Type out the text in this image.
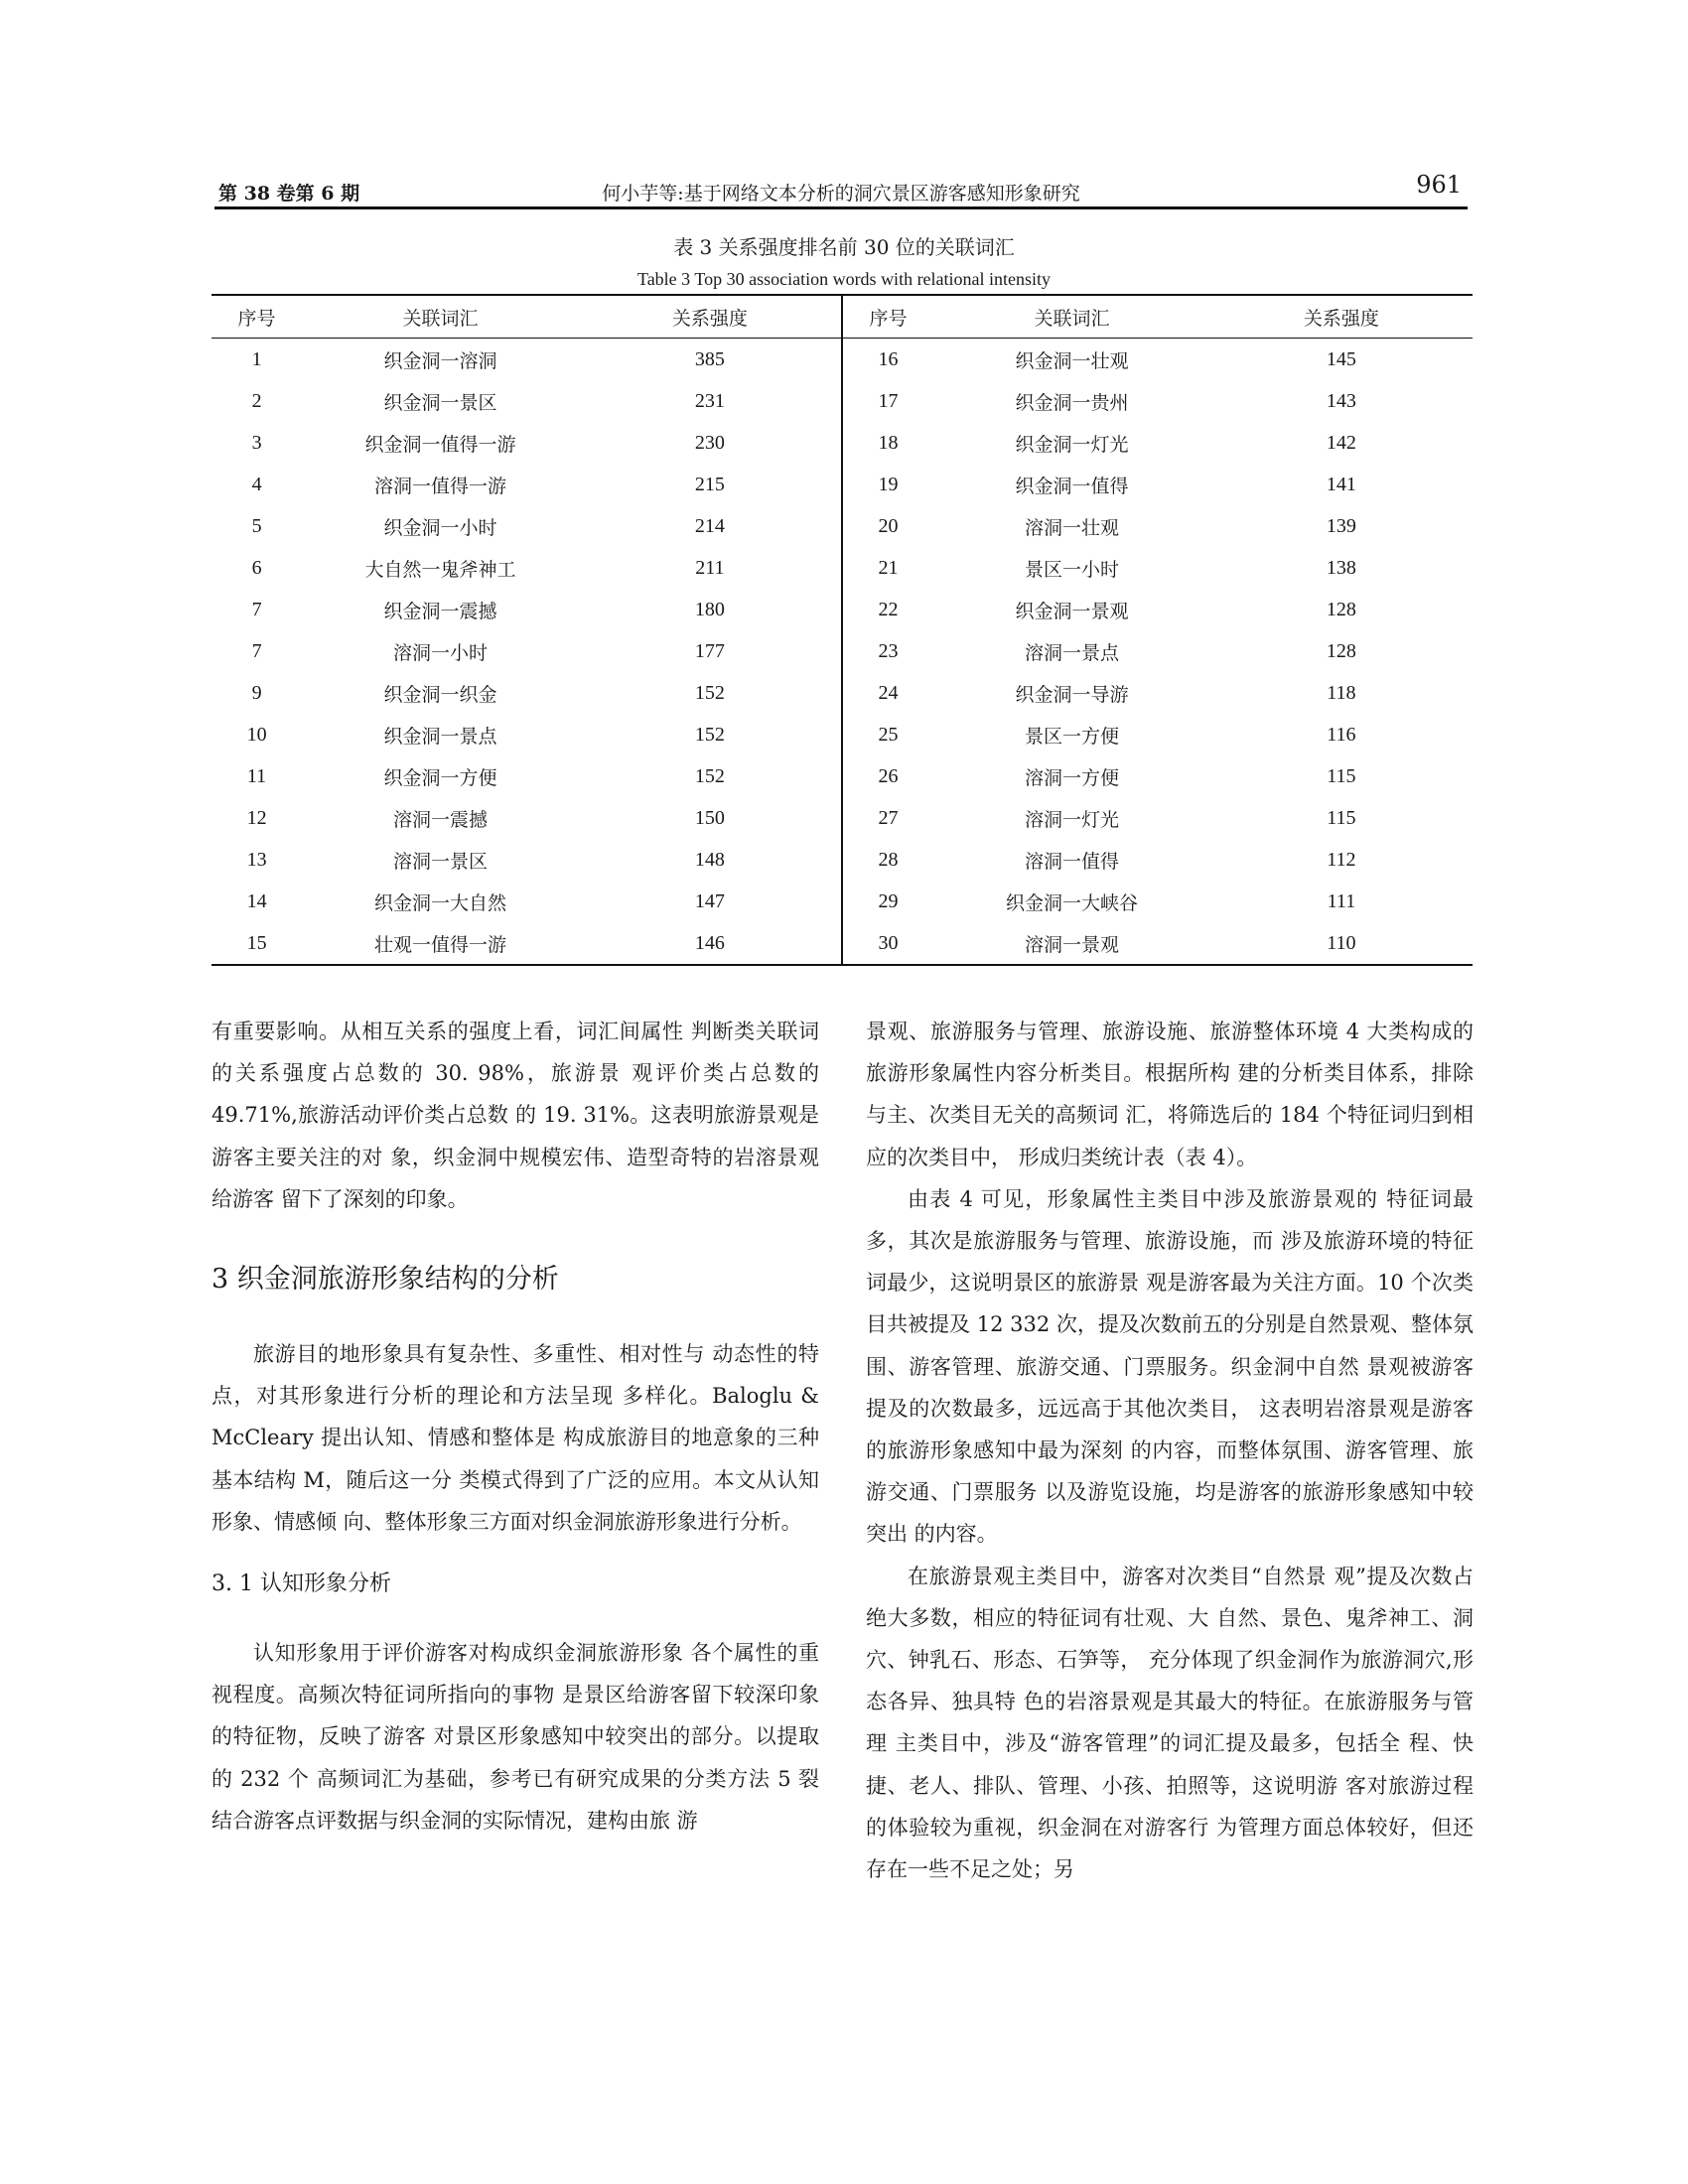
第 38 卷第 6 期	何小芋等:基于网络文本分析的洞穴景区游客感知形象研究	961
表 3 关系强度排名前 30 位的关联词汇
Table 3 Top 30 association words with relational intensity
序号	关联词汇	关系强度	序号	关联词汇	关系强度
1	织金洞一溶洞	385	16	织金洞一壮观	145
2	织金洞一景区	231	17	织金洞一贵州	143
3	织金洞一值得一游	230	18	织金洞一灯光	142
4	溶洞一值得一游	215	19	织金洞一值得	141
5	织金洞一小时	214	20	溶洞一壮观	139
6	大自然一鬼斧神工	211	21	景区一小时	138
7	织金洞一震撼	180	22	织金洞一景观	128
7	溶洞一小时	177	23	溶洞一景点	128
9	织金洞一织金	152	24	织金洞一导游	118
10	织金洞一景点	152	25	景区一方便	116
11	织金洞一方便	152	26	溶洞一方便	115
12	溶洞一震撼	150	27	溶洞一灯光	115
13	溶洞一景区	148	28	溶洞一值得	112
14	织金洞一大自然	147	29	织金洞一大峡谷	111
15	壮观一值得一游	146	30	溶洞一景观	110

有重要影响。从相互关系的强度上看，词汇间属性 判断类关联词的关系强度占总数的 30. 98%，旅游景 观评价类占总数的 49.71%,旅游活动评价类占总数 的 19. 31%。这表明旅游景观是游客主要关注的对 象，织金洞中规模宏伟、造型奇特的岩溶景观给游客 留下了深刻的印象。

3 织金洞旅游形象结构的分析

旅游目的地形象具有复杂性、多重性、相对性与 动态性的特点，对其形象进行分析的理论和方法呈现 多样化。Baloglu & McCleary 提出认知、情感和整体是 构成旅游目的地意象的三种基本结构 M，随后这一分 类模式得到了广泛的应用。本文从认知形象、情感倾 向、整体形象三方面对织金洞旅游形象进行分析。

3. 1 认知形象分析

认知形象用于评价游客对构成织金洞旅游形象 各个属性的重视程度。高频次特征词所指向的事物 是景区给游客留下较深印象的特征物，反映了游客 对景区形象感知中较突出的部分。以提取的 232 个 高频词汇为基础，参考已有研究成果的分类方法 5 裂 结合游客点评数据与织金洞的实际情况，建构由旅 游

景观、旅游服务与管理、旅游设施、旅游整体环境 4 大类构成的旅游形象属性内容分析类目。根据所构 建的分析类目体系，排除与主、次类目无关的高频词 汇，将筛选后的 184 个特征词归到相应的次类目中， 形成归类统计表（表 4）。

由表 4 可见，形象属性主类目中涉及旅游景观的 特征词最多，其次是旅游服务与管理、旅游设施，而 涉及旅游环境的特征词最少，这说明景区的旅游景 观是游客最为关注方面。10 个次类目共被提及 12 332 次，提及次数前五的分别是自然景观、整体氛 围、游客管理、旅游交通、门票服务。织金洞中自然 景观被游客提及的次数最多，远远高于其他次类目， 这表明岩溶景观是游客的旅游形象感知中最为深刻 的内容，而整体氛围、游客管理、旅游交通、门票服务 以及游览设施，均是游客的旅游形象感知中较突出 的内容。

在旅游景观主类目中，游客对次类目“自然景 观”提及次数占绝大多数，相应的特征词有壮观、大 自然、景色、鬼斧神工、洞穴、钟乳石、形态、石笋等， 充分体现了织金洞作为旅游洞穴,形态各异、独具特 色的岩溶景观是其最大的特征。在旅游服务与管理 主类目中，涉及“游客管理”的词汇提及最多，包括全 程、快捷、老人、排队、管理、小孩、拍照等，这说明游 客对旅游过程的体验较为重视，织金洞在对游客行 为管理方面总体较好，但还存在一些不足之处；另
